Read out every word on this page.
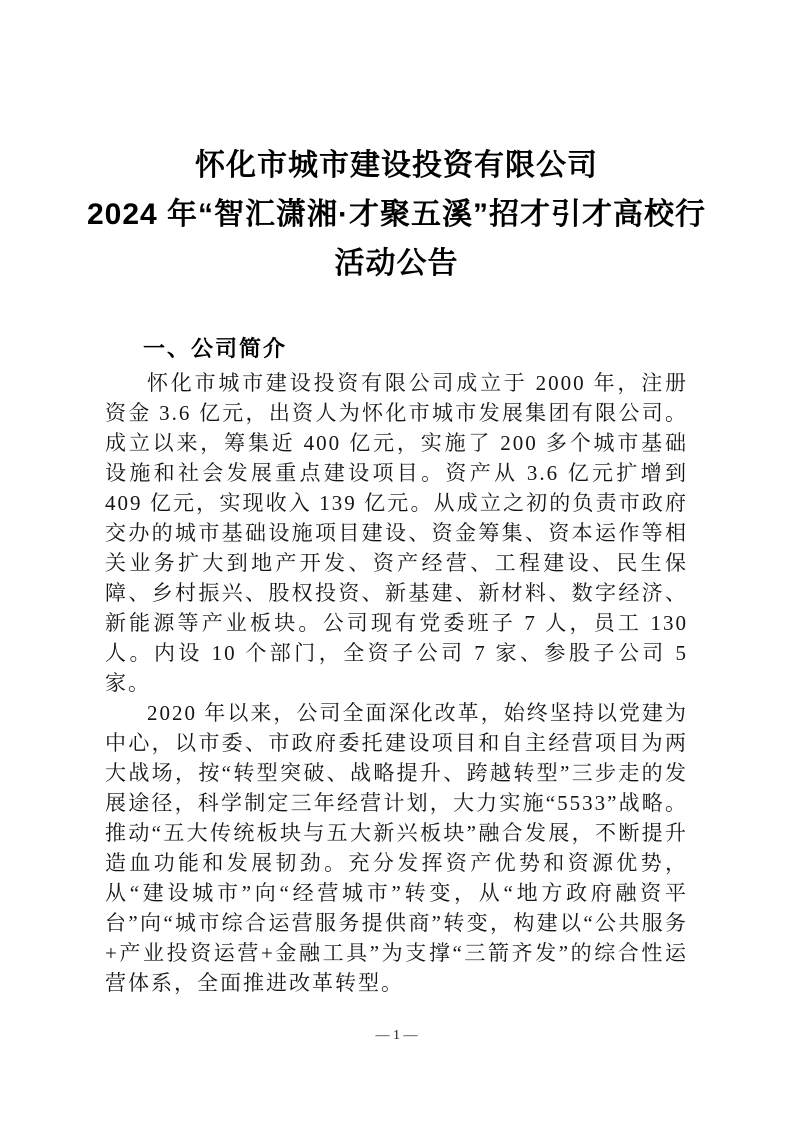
怀化市城市建设投资有限公司
2024 年“智汇潇湘·才聚五溪”招才引才高校行
活动公告
一、公司简介

怀化市城市建设投资有限公司成立于 2000 年，注册资金 3.6 亿元，出资人为怀化市城市发展集团有限公司。成立以来，筹集近 400 亿元，实施了 200 多个城市基础设施和社会发展重点建设项目。资产从 3.6 亿元扩增到 409 亿元，实现收入 139 亿元。从成立之初的负责市政府交办的城市基础设施项目建设、资金筹集、资本运作等相关业务扩大到地产开发、资产经营、工程建设、民生保障、乡村振兴、股权投资、新基建、新材料、数字经济、新能源等产业板块。公司现有党委班子 7 人，员工 130 人。内设 10 个部门，全资子公司 7 家、参股子公司 5 家。

2020 年以来，公司全面深化改革，始终坚持以党建为中心，以市委、市政府委托建设项目和自主经营项目为两大战场，按“转型突破、战略提升、跨越转型”三步走的发展途径，科学制定三年经营计划，大力实施“5533”战略。推动“五大传统板块与五大新兴板块”融合发展，不断提升造血功能和发展韧劲。充分发挥资产优势和资源优势，从“建设城市”向“经营城市”转变，从“地方政府融资平台”向“城市综合运营服务提供商”转变，构建以“公共服务+产业投资运营+金融工具”为支撑“三箭齐发”的综合性运营体系，全面推进改革转型。

— 1 —
